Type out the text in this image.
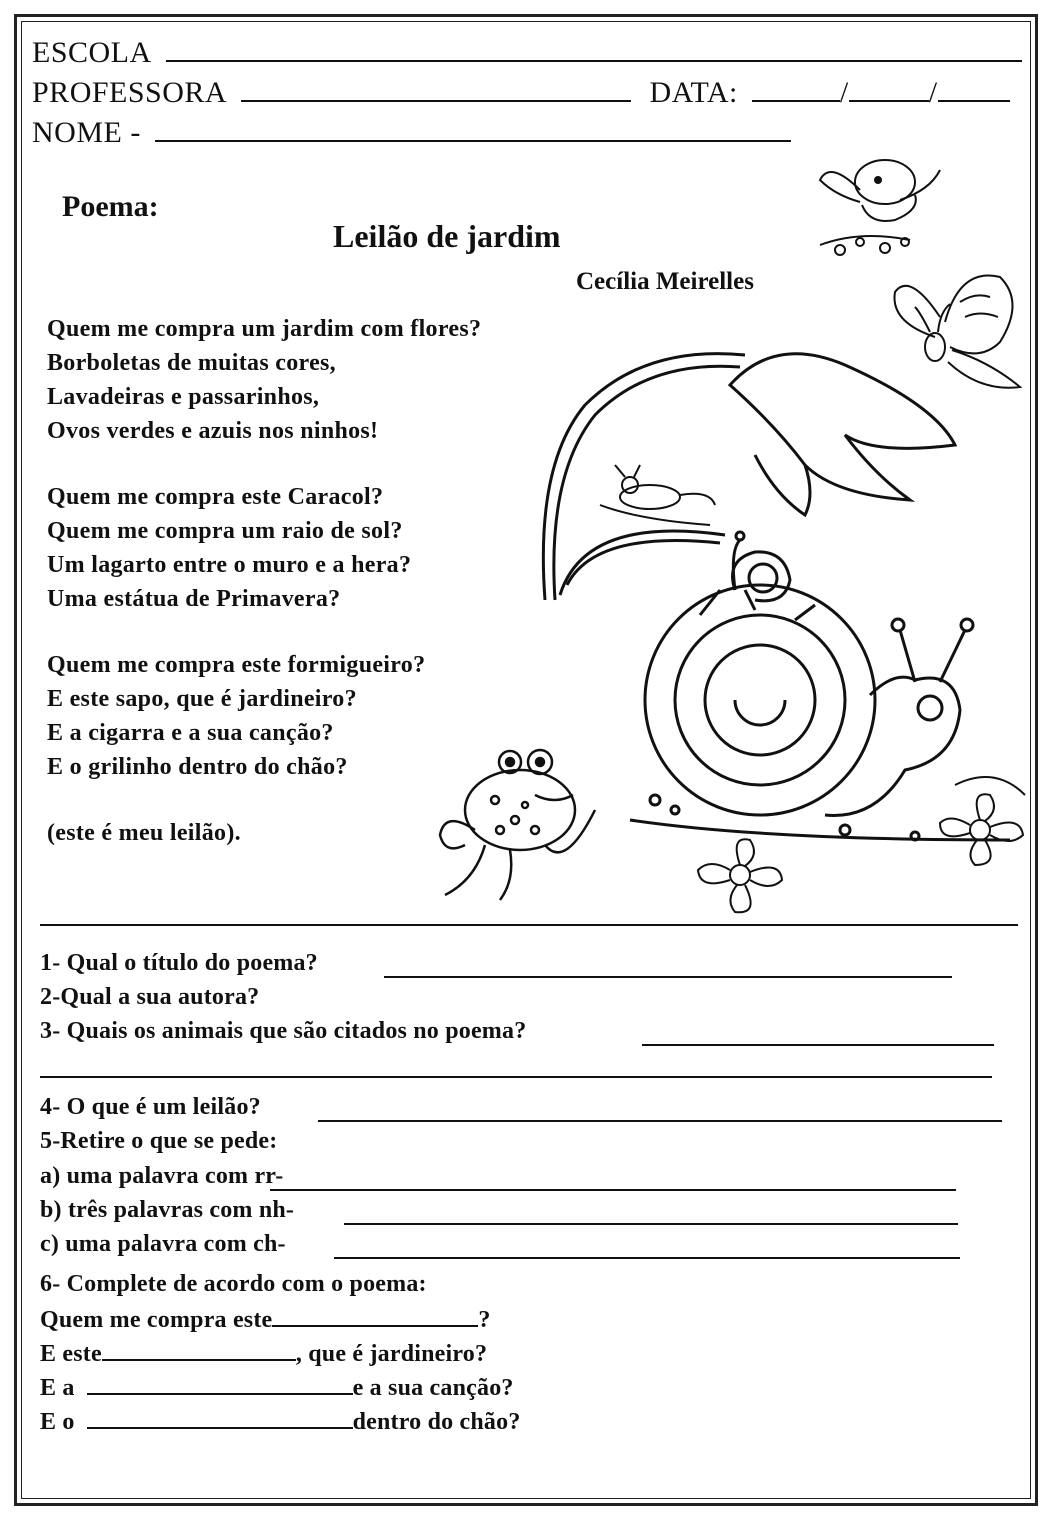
ESCOLA
PROFESSORA	DATA:	/	/
NOME -
Poema:
Leilão de jardim
Cecília Meirelles
Quem me compra um jardim com flores?
Borboletas de muitas cores,
Lavadeiras e passarinhos,
Ovos verdes e azuis nos ninhos!
Quem me compra este Caracol?
Quem me compra um raio de sol?
Um lagarto entre o muro e a hera?
Uma estátua de Primavera?
Quem me compra este formigueiro?
E este sapo, que é jardineiro?
E a cigarra e a sua canção?
E o grilinho dentro do chão?
(este é meu leilão).
1- Qual o título do poema?
2-Qual a sua autora?
3- Quais os animais que são citados no poema?
4- O que é um leilão?
5-Retire o que se pede:
a) uma palavra com rr-
b) três palavras com nh-
c) uma palavra com ch-
6- Complete de acordo com o poema:
Quem me compra este	?
E este	, que é jardineiro?
E a	e a sua canção?
E o	dentro do chão?
